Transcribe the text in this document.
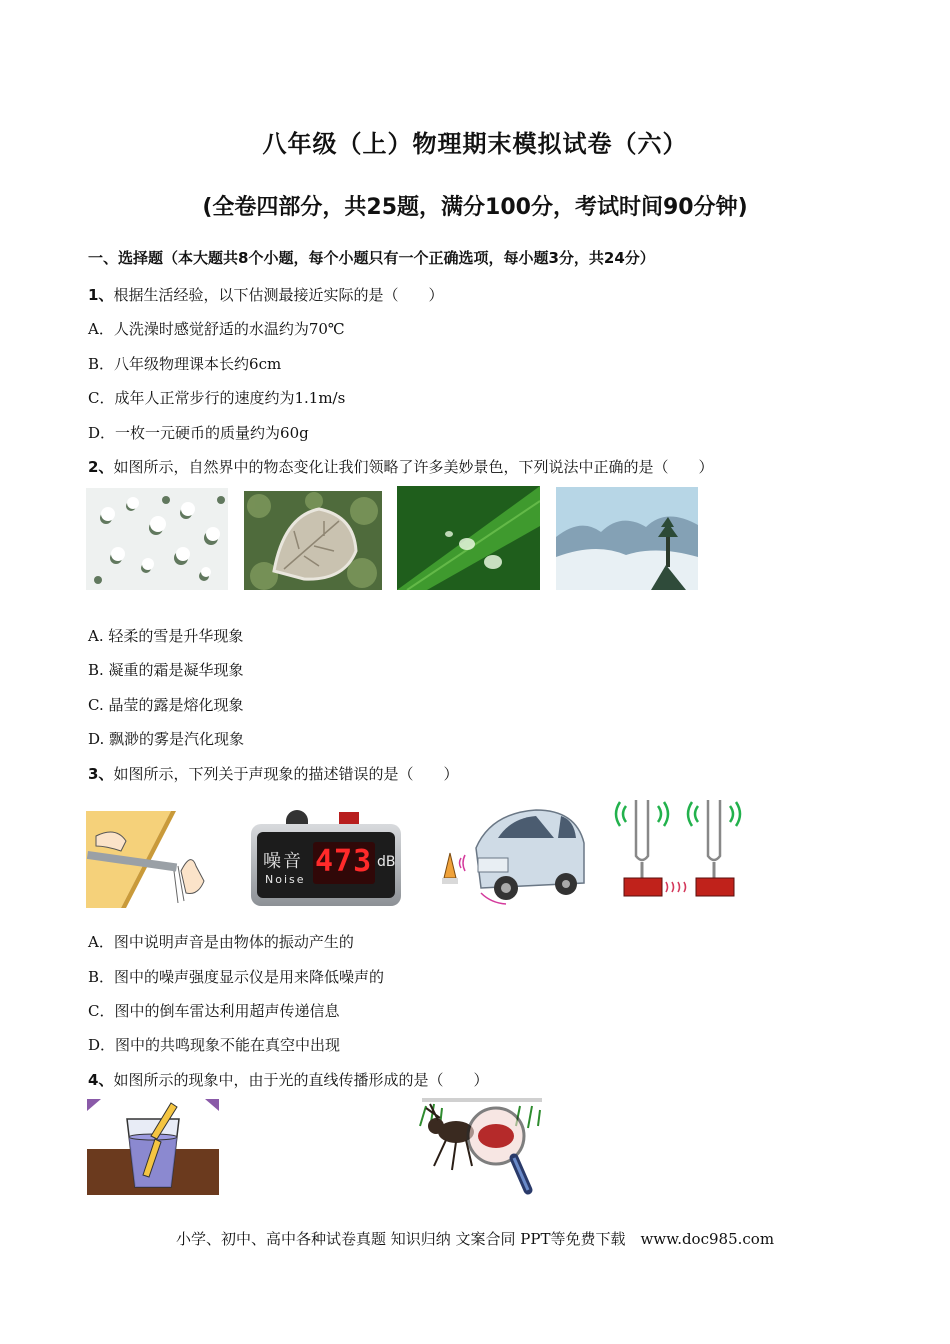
八年级（上）物理期末模拟试卷（六）
(全卷四部分，共25题，满分100分，考试时间90分钟)
一、选择题（本大题共8个小题，每个小题只有一个正确选项，每小题3分，共24分）
1、根据生活经验，以下估测最接近实际的是（　　）
A．人洗澡时感觉舒适的水温约为70℃
B．八年级物理课本长约6cm
C．成年人正常步行的速度约为1.1m/s
D．一枚一元硬币的质量约为60g
2、如图所示，自然界中的物态变化让我们领略了许多美妙景色，下列说法中正确的是（　　）
A. 轻柔的雪是升华现象
B. 凝重的霜是凝华现象
C. 晶莹的露是熔化现象
D. 飘渺的雾是汽化现象
3、如图所示，下列关于声现象的描述错误的是（　　）
噪音
Noise
473 dB
A．图中说明声音是由物体的振动产生的
B．图中的噪声强度显示仪是用来降低噪声的
C．图中的倒车雷达利用超声传递信息
D．图中的共鸣现象不能在真空中出现
4、如图所示的现象中，由于光的直线传播形成的是（　　）
小学、初中、高中各种试卷真题 知识归纳 文案合同 PPT等免费下载　www.doc985.com
